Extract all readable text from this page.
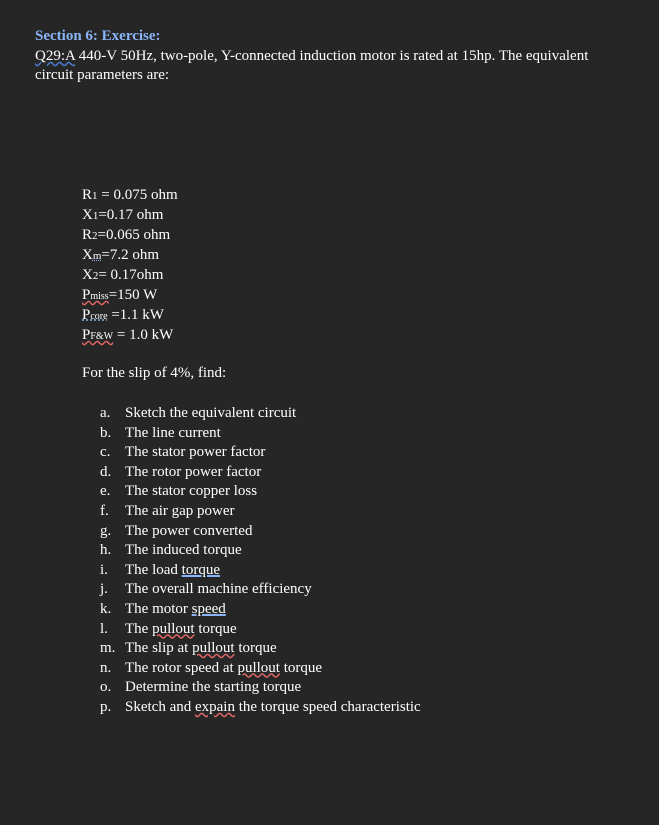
Section 6: Exercise:
Q29:A 440-V 50Hz, two-pole, Y-connected induction motor is rated at 15hp. The equivalent
circuit parameters are:
R1 = 0.075 ohm
X1=0.17 ohm
R2=0.065 ohm
Xm=7.2 ohm
X2= 0.17ohm
Pmiss=150 W
Pcore =1.1 kW
PF&W = 1.0 kW
For the slip of 4%, find:
a. Sketch the equivalent circuit
b. The line current
c. The stator power factor
d. The rotor power factor
e. The stator copper loss
f.	The air gap power
g. The power converted
h. The induced torque
i.	The load torque
j.	The overall machine efficiency
k. The motor speed
l.	The pullout torque
m. The slip at pullout torque
n. The rotor speed at pullout torque
o. Determine the starting torque
p. Sketch and expain the torque speed characteristic
